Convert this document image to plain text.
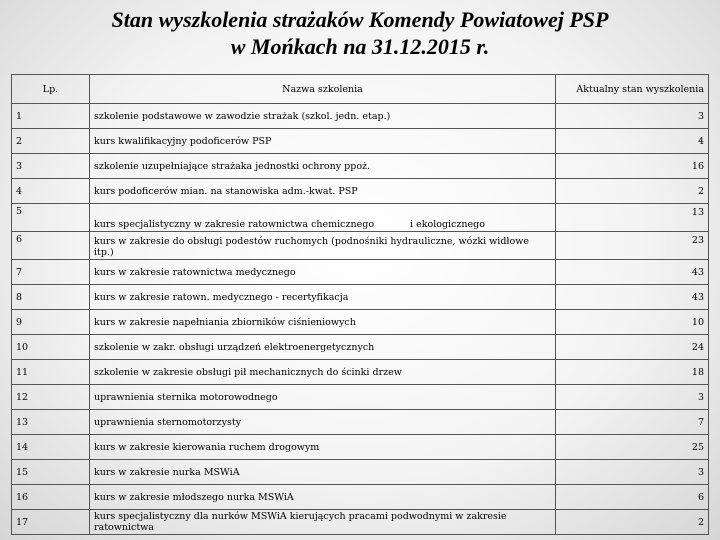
Stan wyszkolenia strażaków Komendy Powiatowej PSP
w Mońkach na 31.12.2015 r.
Lp.	Nazwa szkolenia	Aktualny stan wyszkolenia
1	szkolenie podstawowe w zawodzie strażak (szkol. jedn. etap.)	3
2	kurs kwalifikacyjny podoficerów PSP	4
3	szkolenie uzupełniające strażaka jednostki ochrony ppoż.	16
4	kurs podoficerów mian. na stanowiska adm.-kwat. PSP	2
5	kurs specjalistyczny w zakresie ratownictwa chemicznego i ekologicznego	13
6	kurs w zakresie do obsługi podestów ruchomych (podnośniki hydrauliczne, wózki widłowe itp.)	23
7	kurs w zakresie ratownictwa medycznego	43
8	kurs w zakresie ratown. medycznego - recertyfikacja	43
9	kurs w zakresie napełniania zbiorników ciśnieniowych	10
10	szkolenie w zakr. obsługi urządzeń elektroenergetycznych	24
11	szkolenie w zakresie obsługi pił mechanicznych do ścinki drzew	18
12	uprawnienia sternika motorowodnego	3
13	uprawnienia sternomotorzysty	7
14	kurs w zakresie kierowania ruchem drogowym	25
15	kurs w zakresie nurka MSWiA	3
16	kurs w zakresie młodszego nurka MSWiA	6
17	kurs specjalistyczny dla nurków MSWiA kierujących pracami podwodnymi w zakresie ratownictwa	2
